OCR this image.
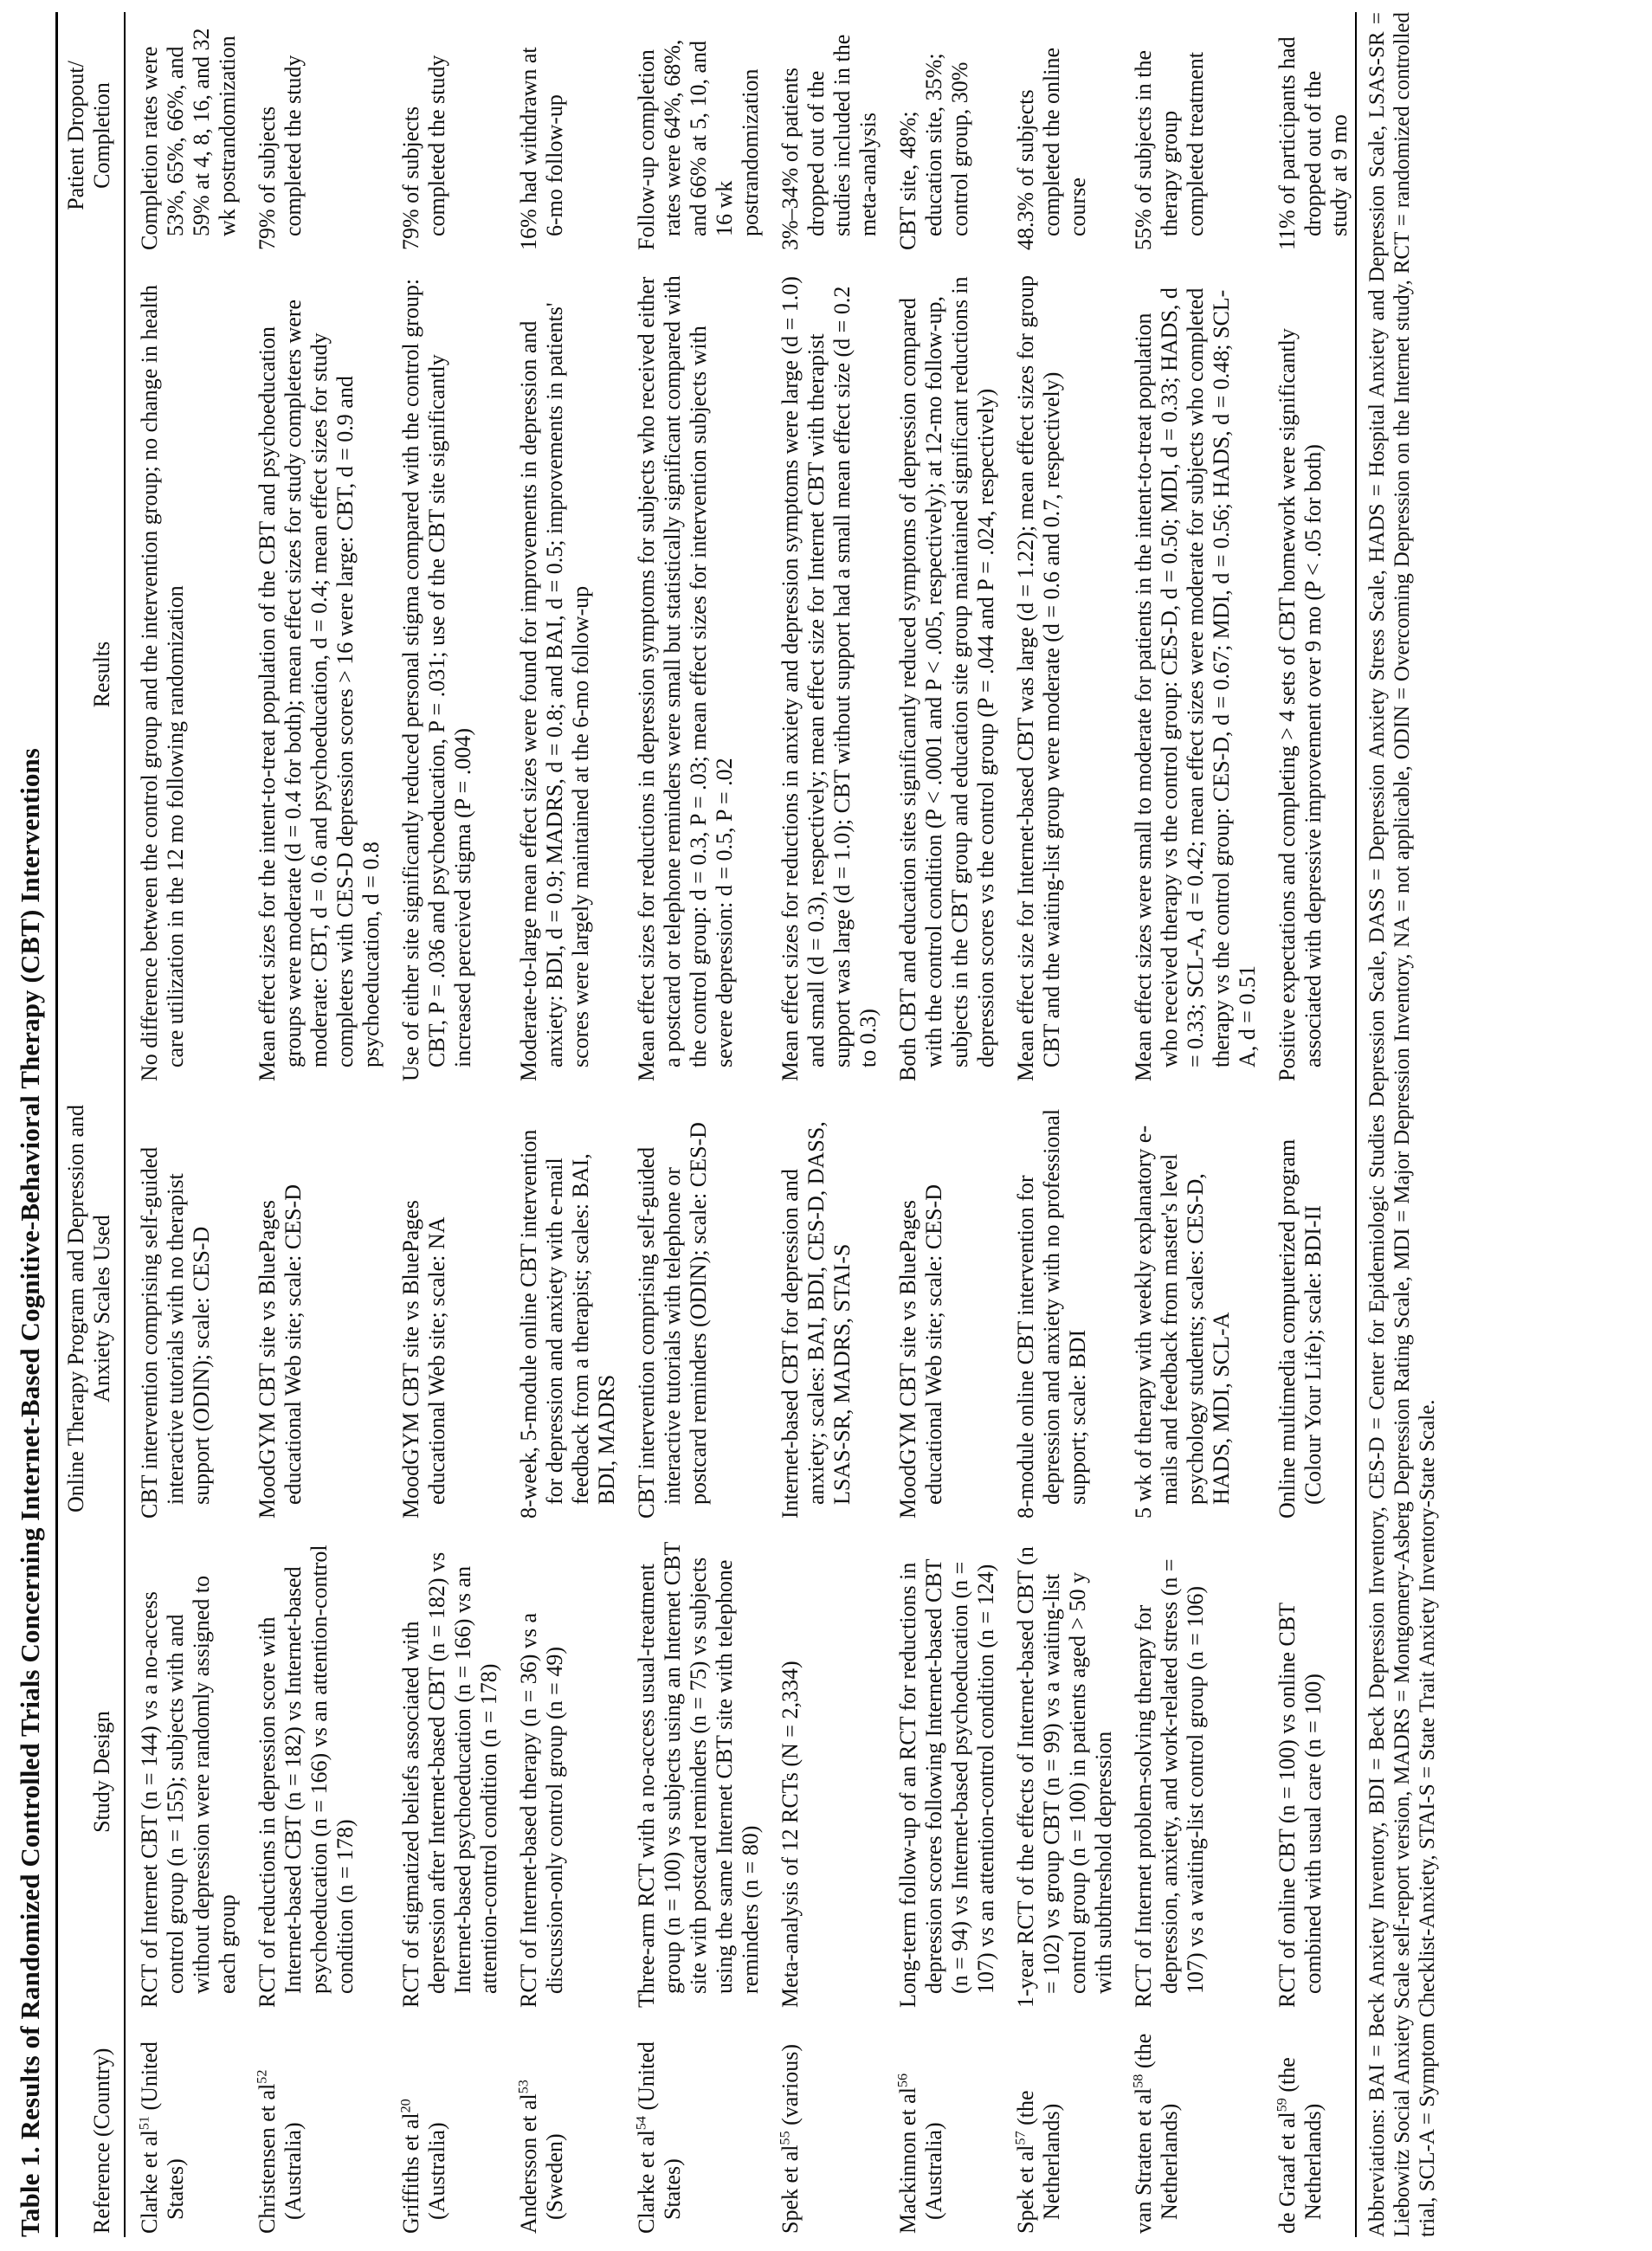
Table 1. Results of Randomized Controlled Trials Concerning Internet-Based Cognitive-Behavioral Therapy (CBT) Interventions Reference (Country)	Study Design	Online Therapy Program and Depression and Anxiety Scales Used	Results	Patient Dropout/ Completion
Clarke et al$^{51}$ (United States)	RCT of Internet CBT (n = 144) vs a no-access control group (n = 155); subjects with and without depression were randomly assigned to each group	CBT intervention comprising self-guided interactive tutorials with no therapist support (ODIN); scale: CES-D	No difference between the control group and the intervention group; no change in health care utilization in the 12 mo following randomization	Completion rates were 53%, 65%, 66%, and 59% at 4, 8, 16, and 32 wk postrandomization
Christensen et al$^{52}$ (Australia)	RCT of reductions in depression score with Internet-based CBT (n = 182) vs Internet-based psychoeducation (n = 166) vs an attention-control condition (n = 178)	MoodGYM CBT site vs BluePages educational Web site; scale: CES-D	Mean effect sizes for the intent-to-treat population of the CBT and psychoeducation groups were moderate (d = 0.4 for both); mean effect sizes for study completers were moderate: CBT, d = 0.6 and psychoeducation, d = 0.4; mean effect sizes for study completers with CES-D depression scores > 16 were large: CBT, d = 0.9 and psychoeducation, d = 0.8	79% of subjects completed the study
Griffiths et al$^{20}$ (Australia)	RCT of stigmatized beliefs associated with depression after Internet-based CBT (n = 182) vs Internet-based psychoeducation (n = 166) vs an attention-control condition (n = 178)	MoodGYM CBT site vs BluePages educational Web site; scale: NA	Use of either site significantly reduced personal stigma compared with the control group: CBT, P = .036 and psychoeducation, P = .031; use of the CBT site significantly increased perceived stigma (P = .004)	79% of subjects completed the study
Andersson et al$^{53}$ (Sweden)	RCT of Internet-based therapy (n = 36) vs a discussion-only control group (n = 49)	8-week, 5-module online CBT intervention for depression and anxiety with e-mail feedback from a therapist; scales: BAI, BDI, MADRS	Moderate-to-large mean effect sizes were found for improvements in depression and anxiety: BDI, d = 0.9; MADRS, d = 0.8; and BAI, d = 0.5; improvements in patients' scores were largely maintained at the 6-mo follow-up	16% had withdrawn at 6-mo follow-up
Clarke et al$^{54}$ (United States)	Three-arm RCT with a no-access usual-treatment group (n = 100) vs subjects using an Internet CBT site with postcard reminders (n = 75) vs subjects using the same Internet CBT site with telephone reminders (n = 80)	CBT intervention comprising self-guided interactive tutorials with telephone or postcard reminders (ODIN); scale: CES-D	Mean effect sizes for reductions in depression symptoms for subjects who received either a postcard or telephone reminders were small but statistically significant compared with the control group: d = 0.3, P = .03; mean effect sizes for intervention subjects with severe depression: d = 0.5, P = .02	Follow-up completion rates were 64%, 68%, and 66% at 5, 10, and 16 wk postrandomization
Spek et al$^{55}$ (various)	Meta-analysis of 12 RCTs (N = 2,334)	Internet-based CBT for depression and anxiety; scales: BAI, BDI, CES-D, DASS, LSAS-SR, MADRS, STAI-S	Mean effect sizes for reductions in anxiety and depression symptoms were large (d = 1.0) and small (d = 0.3), respectively; mean effect size for Internet CBT with therapist support was large (d = 1.0); CBT without support had a small mean effect size (d = 0.2 to 0.3)	3%–34% of patients dropped out of the studies included in the meta-analysis
Mackinnon et al$^{56}$ (Australia)	Long-term follow-up of an RCT for reductions in depression scores following Internet-based CBT (n = 94) vs Internet-based psychoeducation (n = 107) vs an attention-control condition (n = 124)	MoodGYM CBT site vs BluePages educational Web site; scale: CES-D	Both CBT and education sites significantly reduced symptoms of depression compared with the control condition (P < .0001 and P < .005, respectively); at 12-mo follow-up, subjects in the CBT group and education site group maintained significant reductions in depression scores vs the control group (P = .044 and P = .024, respectively)	CBT site, 48%; education site, 35%; control group, 30%
Spek et al$^{57}$ (the Netherlands)	1-year RCT of the effects of Internet-based CBT (n = 102) vs group CBT (n = 99) vs a waiting-list control group (n = 100) in patients aged > 50 y with subthreshold depression	8-module online CBT intervention for depression and anxiety with no professional support; scale: BDI	Mean effect size for Internet-based CBT was large (d = 1.22); mean effect sizes for group CBT and the waiting-list group were moderate (d = 0.6 and 0.7, respectively)	48.3% of subjects completed the online course
van Straten et al$^{58}$ (the Netherlands)	RCT of Internet problem-solving therapy for depression, anxiety, and work-related stress (n = 107) vs a waiting-list control group (n = 106)	5 wk of therapy with weekly explanatory e-mails and feedback from master's level psychology students; scales: CES-D, HADS, MDI, SCL-A	Mean effect sizes were small to moderate for patients in the intent-to-treat population who received therapy vs the control group: CES-D, d = 0.50; MDI, d = 0.33; HADS, d = 0.33; SCL-A, d = 0.42; mean effect sizes were moderate for subjects who completed therapy vs the control group: CES-D, d = 0.67; MDI, d = 0.56; HADS, d = 0.48; SCL-A, d = 0.51	55% of subjects in the therapy group completed treatment
de Graaf et al$^{59}$ (the Netherlands)	RCT of online CBT (n = 100) vs online CBT combined with usual care (n = 100)	Online multimedia computerized program (Colour Your Life); scale: BDI-II	Positive expectations and completing > 4 sets of CBT homework were significantly associated with depressive improvement over 9 mo (P < .05 for both)	11% of participants had dropped out of the study at 9 mo Abbreviations: BAI = Beck Anxiety Inventory, BDI = Beck Depression Inventory, CES-D = Center for Epidemiologic Studies Depression Scale, DASS = Depression Anxiety Stress Scale, HADS = Hospital Anxiety and Depression Scale, LSAS-SR = Liebowitz Social Anxiety Scale self-report version, MADRS = Montgomery-Asberg Depression Rating Scale, MDI = Major Depression Inventory, NA = not applicable, ODIN = Overcoming Depression on the Internet study, RCT = randomized controlled trial, SCL-A = Symptom Checklist-Anxiety, STAI-S = State Trait Anxiety Inventory-State Scale.
